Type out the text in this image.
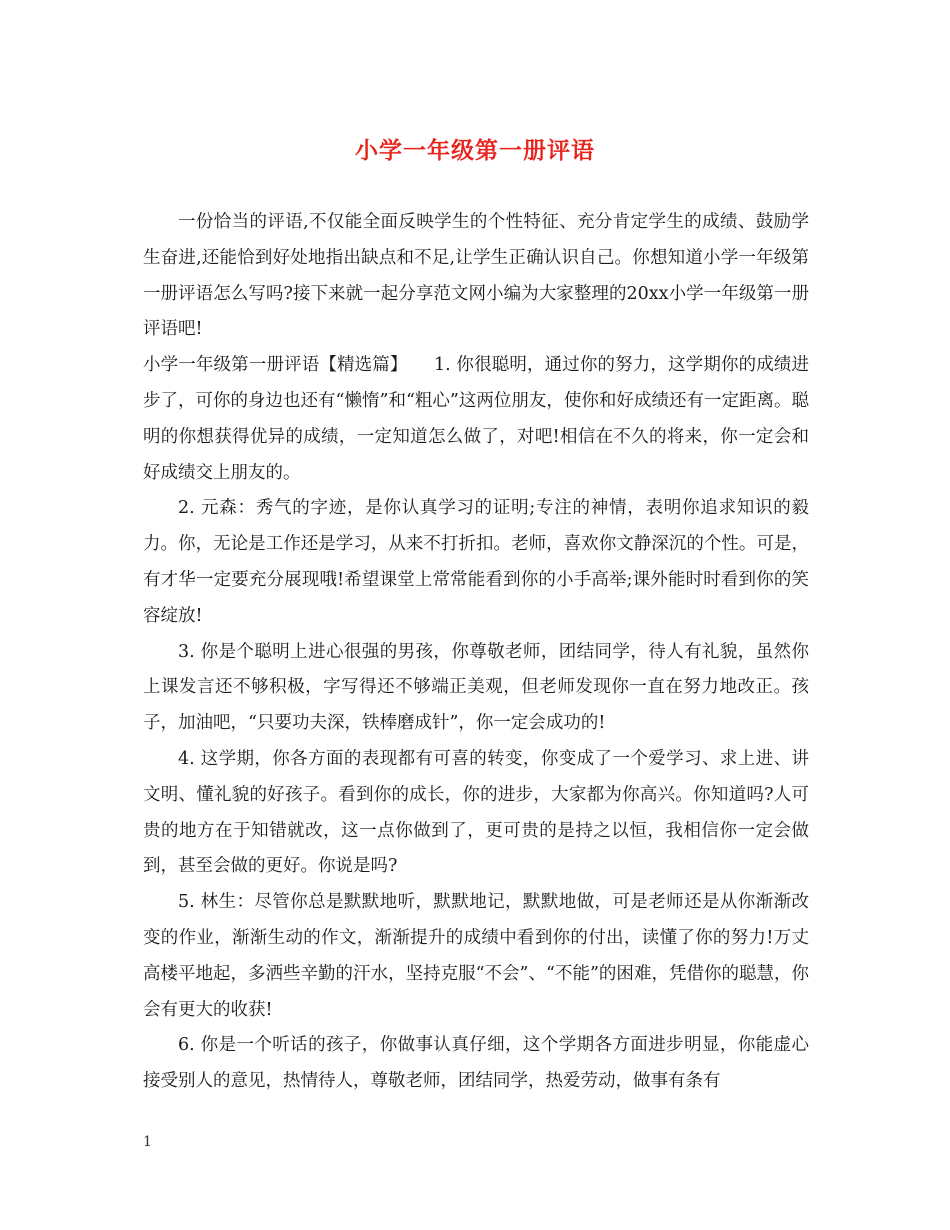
小学一年级第一册评语

一份恰当的评语,不仅能全面反映学生的个性特征、充分肯定学生的成绩、鼓励学生奋进,还能恰到好处地指出缺点和不足,让学生正确认识自己。你想知道小学一年级第一册评语怎么写吗?接下来就一起分享范文网小编为大家整理的20xx小学一年级第一册评语吧!

小学一年级第一册评语【精选篇】　　1. 你很聪明，通过你的努力，这学期你的成绩进步了，可你的身边也还有“懒惰”和“粗心”这两位朋友，使你和好成绩还有一定距离。聪明的你想获得优异的成绩，一定知道怎么做了，对吧!相信在不久的将来，你一定会和好成绩交上朋友的。

2. 元森：秀气的字迹，是你认真学习的证明;专注的神情，表明你追求知识的毅力。你，无论是工作还是学习，从来不打折扣。老师，喜欢你文静深沉的个性。可是，有才华一定要充分展现哦!希望课堂上常常能看到你的小手高举;课外能时时看到你的笑容绽放!

3. 你是个聪明上进心很强的男孩，你尊敬老师，团结同学，待人有礼貌，虽然你上课发言还不够积极，字写得还不够端正美观，但老师发现你一直在努力地改正。孩子，加油吧，“只要功夫深，铁棒磨成针”，你一定会成功的!

4. 这学期，你各方面的表现都有可喜的转变，你变成了一个爱学习、求上进、讲文明、懂礼貌的好孩子。看到你的成长，你的进步，大家都为你高兴。你知道吗?人可贵的地方在于知错就改，这一点你做到了，更可贵的是持之以恒，我相信你一定会做到，甚至会做的更好。你说是吗?

5. 林生：尽管你总是默默地听，默默地记，默默地做，可是老师还是从你渐渐改变的作业，渐渐生动的作文，渐渐提升的成绩中看到你的付出，读懂了你的努力!万丈高楼平地起，多洒些辛勤的汗水，坚持克服“不会”、“不能”的困难，凭借你的聪慧，你会有更大的收获!

6. 你是一个听话的孩子，你做事认真仔细，这个学期各方面进步明显，你能虚心接受别人的意见，热情待人，尊敬老师，团结同学，热爱劳动，做事有条有

1
